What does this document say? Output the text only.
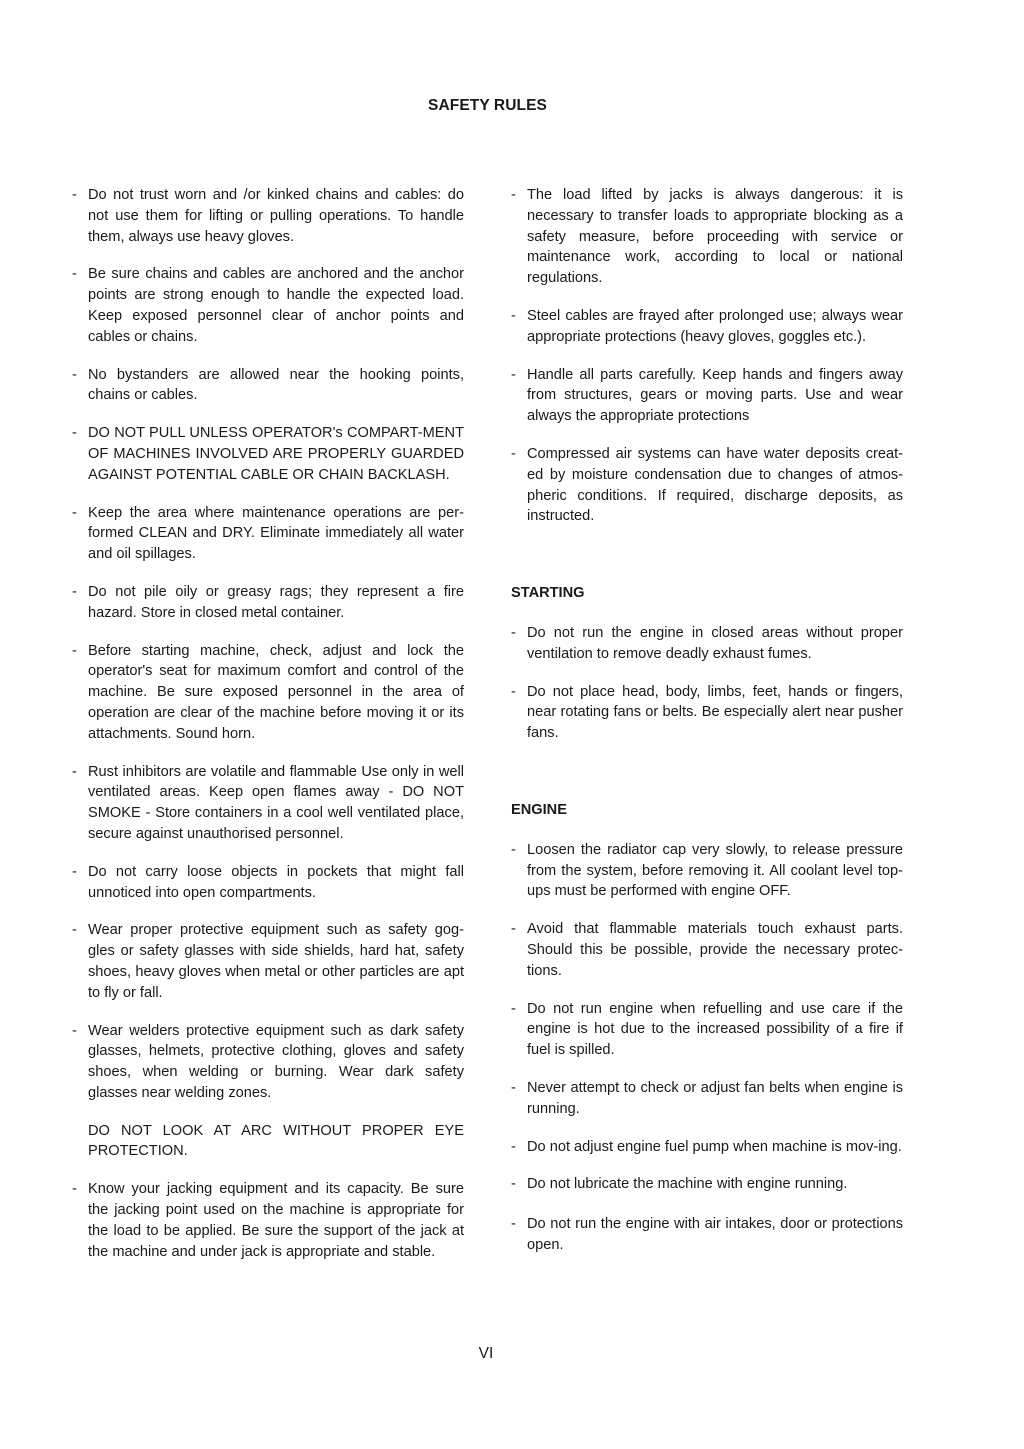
SAFETY RULES
- Do not trust worn and /or kinked chains and cables: do not use them for lifting or pulling operations. To handle them, always use heavy gloves.
- Be sure chains and cables are anchored and the anchor points are strong enough to handle the expected load. Keep exposed personnel clear of anchor points and cables or chains.
- No bystanders are allowed near the hooking points, chains or cables.
- DO NOT PULL UNLESS OPERATOR's COMPART-MENT OF MACHINES INVOLVED ARE PROPERLY GUARDED AGAINST POTENTIAL CABLE OR CHAIN BACKLASH.
- Keep the area where maintenance operations are per-formed CLEAN and DRY. Eliminate immediately all water and oil spillages.
- Do not pile oily or greasy rags; they represent a fire hazard. Store in closed metal container.
- Before starting machine, check, adjust and lock the operator's seat for maximum comfort and control of the machine. Be sure exposed personnel in the area of operation are clear of the machine before moving it or its attachments. Sound horn.
- Rust inhibitors are volatile and flammable Use only in well ventilated areas. Keep open flames away - DO NOT SMOKE - Store containers in a cool well ventilated place, secure against unauthorised personnel.
- Do not carry loose objects in pockets that might fall unnoticed into open compartments.
- Wear proper protective equipment such as safety gog-gles or safety glasses with side shields, hard hat, safety shoes, heavy gloves when metal or other particles are apt to fly or fall.
- Wear welders protective equipment such as dark safety glasses, helmets, protective clothing, gloves and safety shoes, when welding or burning. Wear dark safety glasses near welding zones.
DO NOT LOOK AT ARC WITHOUT PROPER EYE PROTECTION.
- Know your jacking equipment and its capacity. Be sure the jacking point used on the machine is appropriate for the load to be applied. Be sure the support of the jack at the machine and under jack is appropriate and stable.
- The load lifted by jacks is always dangerous: it is necessary to transfer loads to appropriate blocking as a safety measure, before proceeding with service or maintenance work, according to local or national regulations.
- Steel cables are frayed after prolonged use; always wear appropriate protections (heavy gloves, goggles etc.).
- Handle all parts carefully. Keep hands and fingers away from structures, gears or moving parts. Use and wear always the appropriate protections
- Compressed air systems can have water deposits creat-ed by moisture condensation due to changes of atmos-pheric conditions. If required, discharge deposits, as instructed.
STARTING
- Do not run the engine in closed areas without proper ventilation to remove deadly exhaust fumes.
- Do not place head, body, limbs, feet, hands or fingers, near rotating fans or belts. Be especially alert near pusher fans.
ENGINE
- Loosen the radiator cap very slowly, to release pressure from the system, before removing it. All coolant level top-ups must be performed with engine OFF.
- Avoid that flammable materials touch exhaust parts. Should this be possible, provide the necessary protec-tions.
- Do not run engine when refuelling and use care if the engine is hot due to the increased possibility of a fire if fuel is spilled.
- Never attempt to check or adjust fan belts when engine is running.
- Do not adjust engine fuel pump when machine is mov-ing.
- Do not lubricate the machine with engine running.
- Do not run the engine with air intakes, door or protections open.
VI
